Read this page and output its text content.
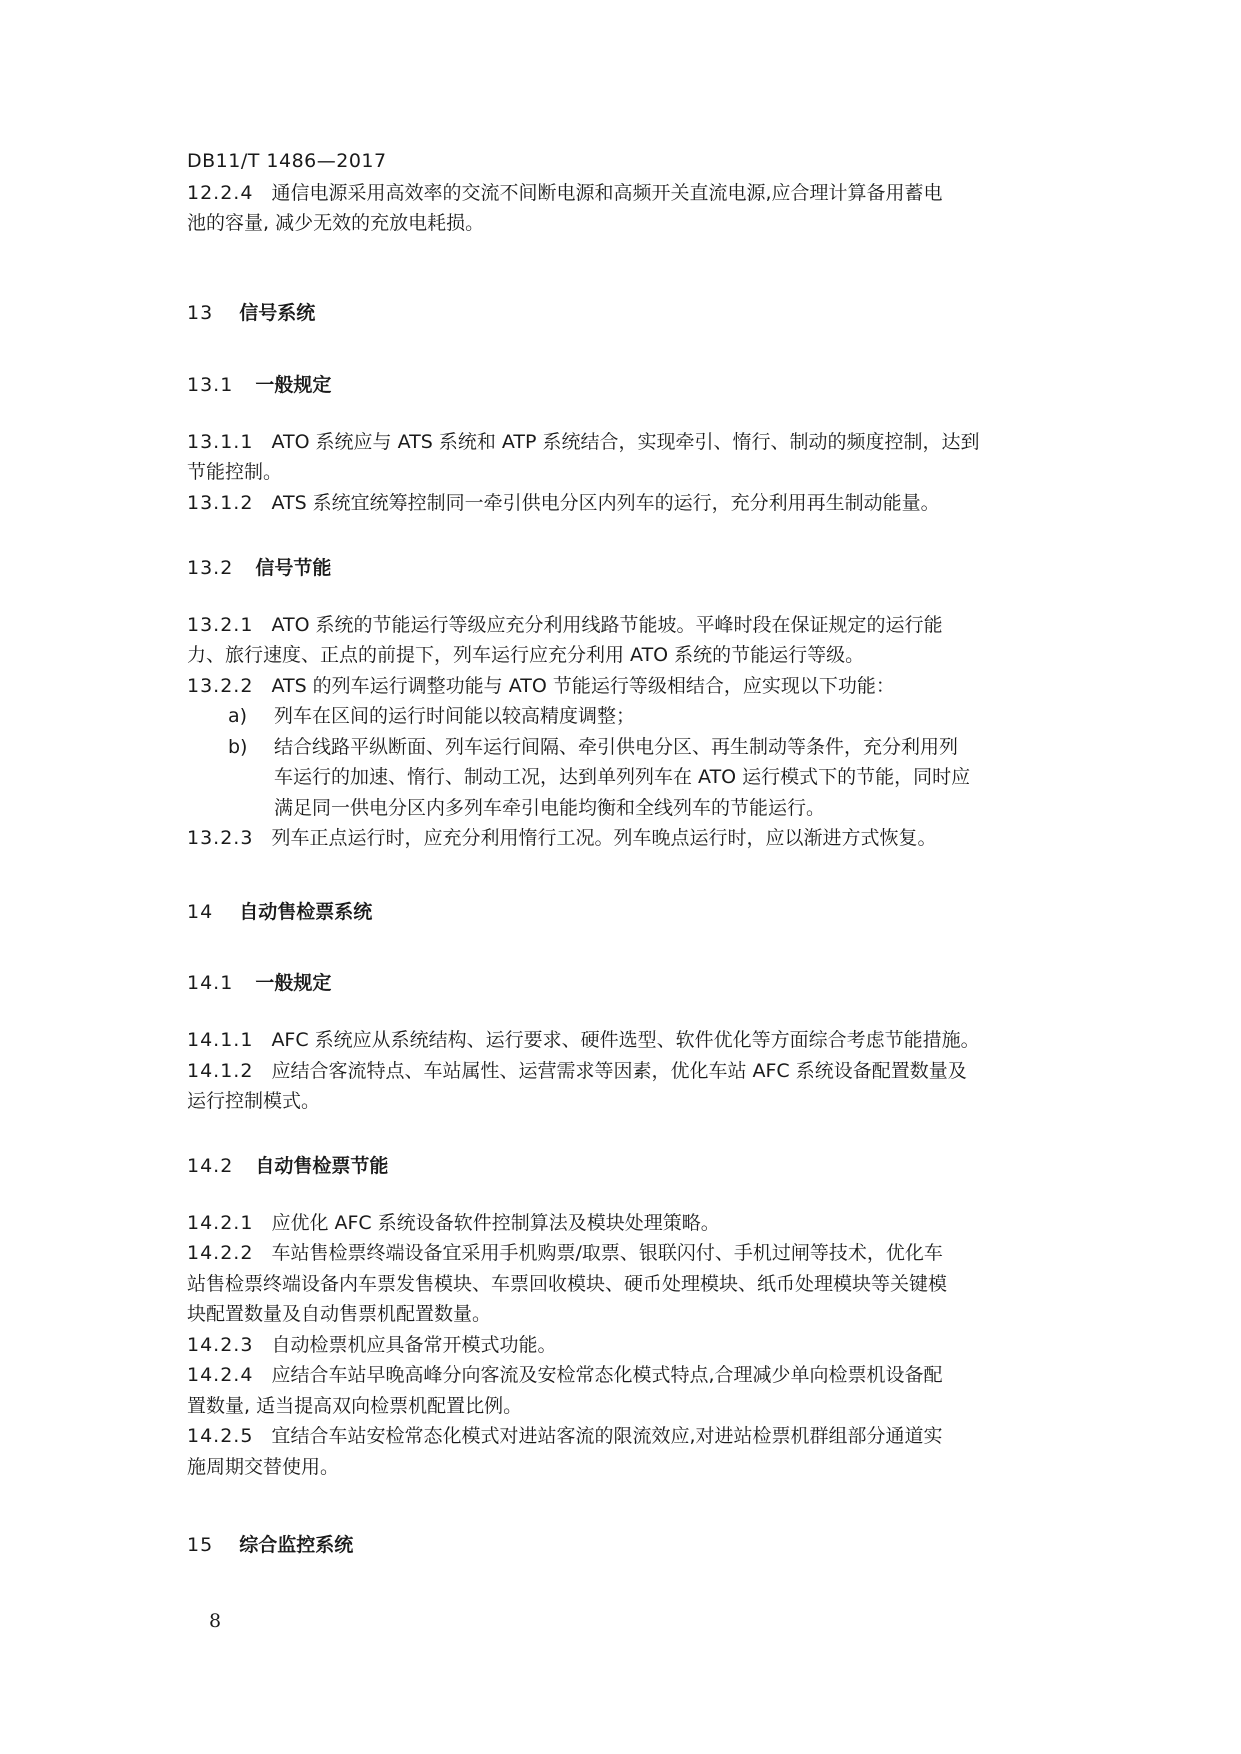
DB11/T 1486—2017
12.2.4 通信电源采用高效率的交流不间断电源和高频开关直流电源,应合理计算备用蓄电
池的容量, 减少无效的充放电耗损。
13 信号系统
13.1 一般规定
13.1.1 ATO 系统应与 ATS 系统和 ATP 系统结合，实现牵引、惰行、制动的频度控制，达到
节能控制。
13.1.2 ATS 系统宜统筹控制同一牵引供电分区内列车的运行，充分利用再生制动能量。
13.2 信号节能
13.2.1 ATO 系统的节能运行等级应充分利用线路节能坡。平峰时段在保证规定的运行能
力、旅行速度、正点的前提下，列车运行应充分利用 ATO 系统的节能运行等级。
13.2.2 ATS 的列车运行调整功能与 ATO 节能运行等级相结合，应实现以下功能：
a) 列车在区间的运行时间能以较高精度调整；
b) 结合线路平纵断面、列车运行间隔、牵引供电分区、再生制动等条件，充分利用列
车运行的加速、惰行、制动工况，达到单列列车在 ATO 运行模式下的节能，同时应
满足同一供电分区内多列车牵引电能均衡和全线列车的节能运行。
13.2.3 列车正点运行时，应充分利用惰行工况。列车晚点运行时，应以渐进方式恢复。
14 自动售检票系统
14.1 一般规定
14.1.1 AFC 系统应从系统结构、运行要求、硬件选型、软件优化等方面综合考虑节能措施。
14.1.2 应结合客流特点、车站属性、运营需求等因素，优化车站 AFC 系统设备配置数量及
运行控制模式。
14.2 自动售检票节能
14.2.1 应优化 AFC 系统设备软件控制算法及模块处理策略。
14.2.2 车站售检票终端设备宜采用手机购票/取票、银联闪付、手机过闸等技术，优化车
站售检票终端设备内车票发售模块、车票回收模块、硬币处理模块、纸币处理模块等关键模
块配置数量及自动售票机配置数量。
14.2.3 自动检票机应具备常开模式功能。
14.2.4 应结合车站早晚高峰分向客流及安检常态化模式特点,合理减少单向检票机设备配
置数量, 适当提高双向检票机配置比例。
14.2.5 宜结合车站安检常态化模式对进站客流的限流效应,对进站检票机群组部分通道实
施周期交替使用。
15 综合监控系统
8
